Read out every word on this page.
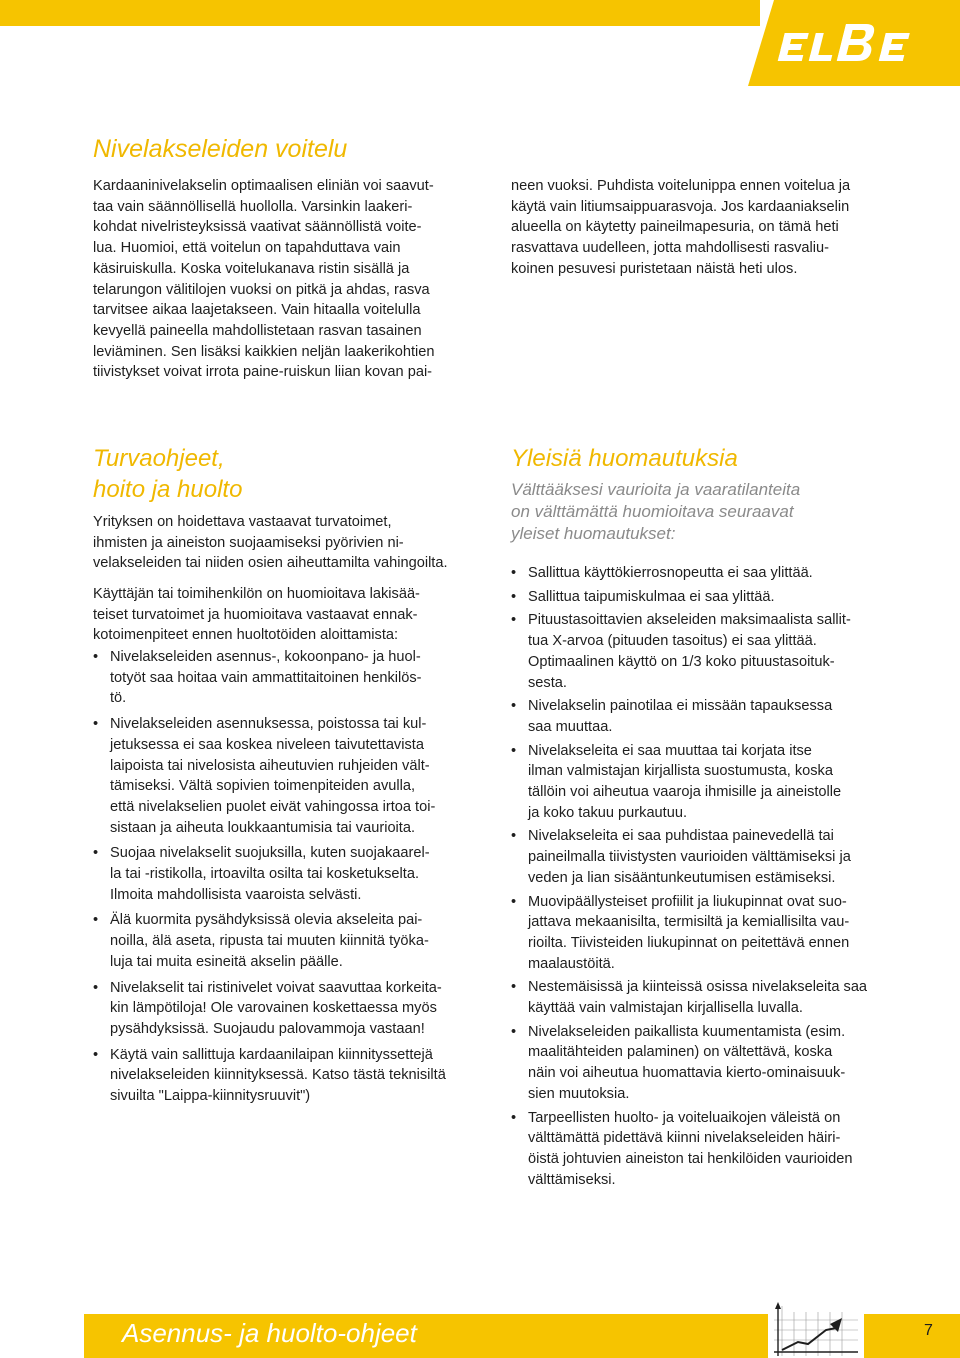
ELBE
Nivelakseleiden voitelu
Kardaaninivelakselin optimaalisen eliniän voi saavut-
taa vain säännöllisellä huollolla. Varsinkin laakeri-
kohdat nivelristeyksissä vaativat säännöllistä voite-
lua. Huomioi, että voitelun on tapahduttava vain
käsiruiskulla. Koska voitelukanava ristin sisällä ja
telarungon välitilojen vuoksi on pitkä ja ahdas, rasva
tarvitsee aikaa laajetakseen. Vain hitaalla voitelulla
kevyellä paineella mahdollistetaan rasvan tasainen
leviäminen. Sen lisäksi kaikkien neljän laakerikohtien
tiivistykset voivat irrota paine-ruiskun liian kovan pai-
neen vuoksi. Puhdista voitelunippa ennen voitelua ja
käytä vain litiumsaippuarasvoja. Jos kardaaniakselin
alueella on käytetty paineilmapesuria, on tämä heti
rasvattava uudelleen, jotta mahdollisesti rasvaliu-
koinen pesuvesi puristetaan näistä heti ulos.
Turvaohjeet,
hoito ja huolto
Yrityksen on hoidettava vastaavat turvatoimet,
ihmisten ja aineiston suojaamiseksi pyörivien ni-
velakseleiden tai niiden osien aiheuttamilta vahingoilta.
Käyttäjän tai toimihenkilön on huomioitava lakisää-
teiset turvatoimet ja huomioitava vastaavat ennak-
kotoimenpiteet ennen huoltotöiden aloittamista:
• Nivelakseleiden asennus-, kokoonpano- ja huol-
totyöt saa hoitaa vain ammattitaitoinen henkilös-
tö.
• Nivelakseleiden asennuksessa, poistossa tai kul-
jetuksessa ei saa koskea niveleen taivutettavista
laipoista tai nivelosista aiheutuvien ruhjeiden vält-
tämiseksi. Vältä sopivien toimenpiteiden avulla,
että nivelakselien puolet eivät vahingossa irtoa toi-
sistaan ja aiheuta loukkaantumisia tai vaurioita.
• Suojaa nivelakselit suojuksilla, kuten suojakaarel-
la tai -ristikolla, irtoavilta osilta tai kosketukselta.
Ilmoita mahdollisista vaaroista selvästi.
• Älä kuormita pysähdyksissä olevia akseleita pai-
noilla, älä aseta, ripusta tai muuten kiinnitä työka-
luja tai muita esineitä akselin päälle.
• Nivelakselit tai ristinivelet voivat saavuttaa korkeita-
kin lämpötiloja! Ole varovainen koskettaessa myös
pysähdyksissä. Suojaudu palovammoja vastaan!
• Käytä vain sallittuja kardaanilaipan kiinnityssettejä
nivelakseleiden kiinnityksessä. Katso tästä teknisiltä
sivuilta "Laippa-kiinnitysruuvit")
Yleisiä huomautuksia
Välttääksesi vaurioita ja vaaratilanteita
on välttämättä huomioitava seuraavat
yleiset huomautukset:
• Sallittua käyttökierrosnopeutta ei saa ylittää.
• Sallittua taipumiskulmaa ei saa ylittää.
• Pituustasoittavien akseleiden maksimaalista sallit-
tua X-arvoa (pituuden tasoitus) ei saa ylittää.
Optimaalinen käyttö on 1/3 koko pituustasoituk-
sesta.
• Nivelakselin painotilaa ei missään tapauksessa
saa muuttaa.
• Nivelakseleita ei saa muuttaa tai korjata itse
ilman valmistajan kirjallista suostumusta, koska
tällöin voi aiheutua vaaroja ihmisille ja aineistolle
ja koko takuu purkautuu.
• Nivelakseleita ei saa puhdistaa painevedellä tai
paineilmalla tiivistysten vaurioiden välttämiseksi ja
veden ja lian sisääntunkeutumisen estämiseksi.
• Muovipäällysteiset profiilit ja liukupinnat ovat suo-
jattava mekaanisilta, termisiltä ja kemiallisilta vau-
rioilta. Tiivisteiden liukupinnat on peitettävä ennen
maalaustöitä.
• Nestemäisissä ja kiinteissä osissa nivelakseleita saa
käyttää vain valmistajan kirjallisella luvalla.
• Nivelakseleiden paikallista kuumentamista (esim.
maalitähteiden palaminen) on vältettävä, koska
näin voi aiheutua huomattavia kierto-ominaisuuk-
sien muutoksia.
• Tarpeellisten huolto- ja voiteluaikojen väleistä on
välttämättä pidettävä kiinni nivelakseleiden häiri-
öistä johtuvien aineiston tai henkilöiden vaurioiden
välttämiseksi.
Asennus- ja huolto-ohjeet	7
